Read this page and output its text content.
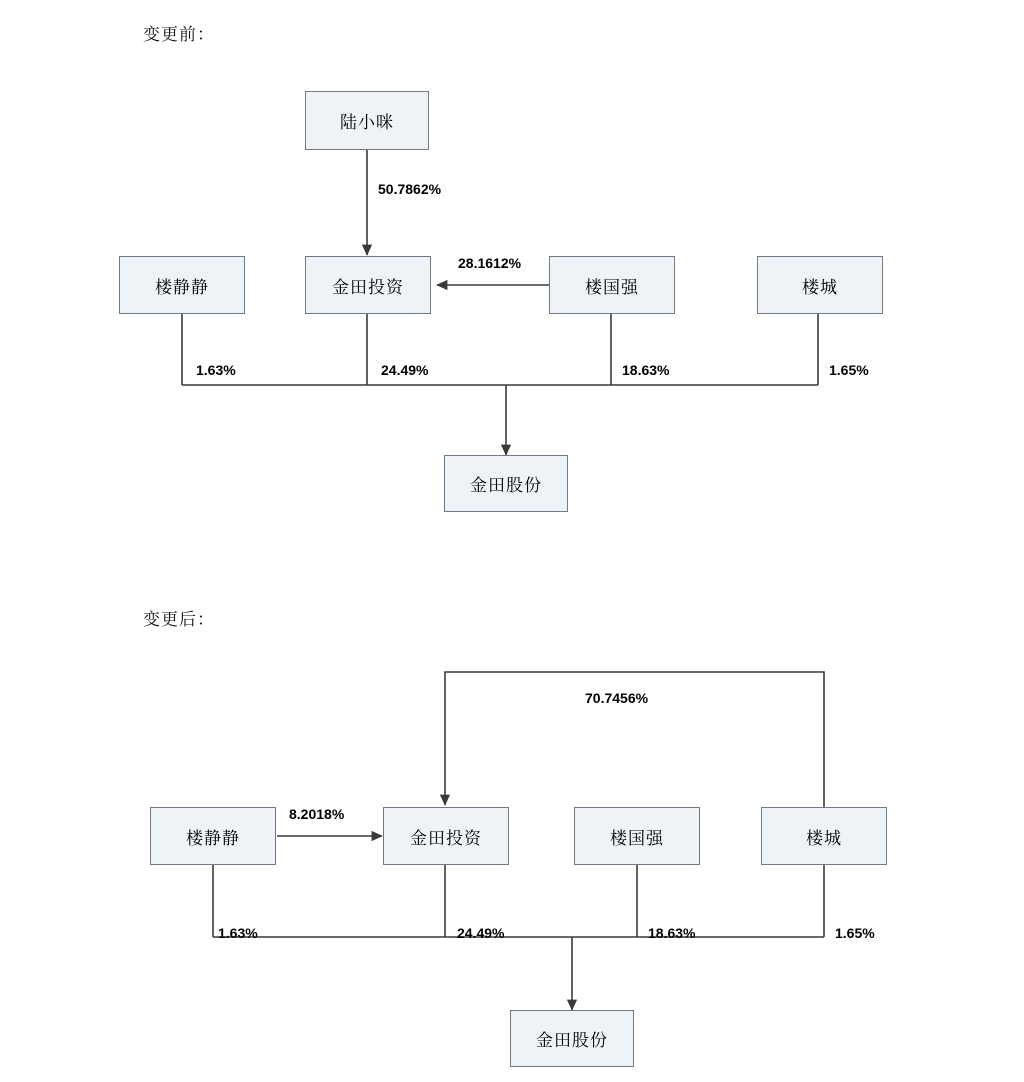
变更前：
陆小咪
楼静静	金田投资	楼国强	楼城
金田股份
50.7862%
28.1612%
1.63%	24.49%	18.63%	1.65%
变更后：
楼静静	金田投资	楼国强	楼城
金田股份
70.7456%
8.2018%
1.63%	24.49%	18.63%	1.65%
